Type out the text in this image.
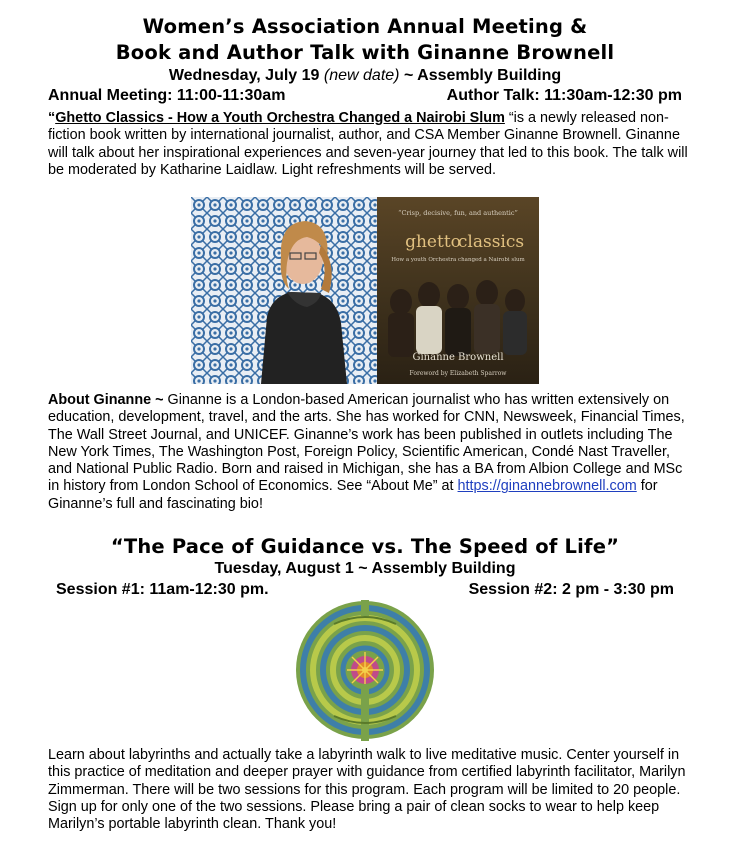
Women’s Association Annual Meeting &
Book and Author Talk with Ginanne Brownell
Wednesday, July 19 (new date) ~ Assembly Building
Annual Meeting: 11:00-11:30am	Author Talk: 11:30am-12:30 pm
“Ghetto Classics - How a Youth Orchestra Changed a Nairobi Slum “is a newly released non-fiction book written by international journalist, author, and CSA Member Ginanne Brownell. Ginanne will talk about her inspirational experiences and seven-year journey that led to this book. The talk will be moderated by Katharine Laidlaw. Light refreshments will be served.
“Crisp, decisive, fun, and authentic”
ghetto
classics
How a youth Orchestra changed a Nairobi slum
Ginanne Brownell
Foreword by Elizabeth Sparrow
About Ginanne ~ Ginanne is a London-based American journalist who has written extensively on education, development, travel, and the arts. She has worked for CNN, Newsweek, Financial Times, The Wall Street Journal, and UNICEF. Ginanne’s work has been published in outlets including The New York Times, The Washington Post, Foreign Policy, Scientific American, Condé Nast Traveller, and National Public Radio. Born and raised in Michigan, she has a BA from Albion College and MSc in history from London School of Economics. See “About Me” at https://ginannebrownell.com for Ginanne’s full and fascinating bio!
“The Pace of Guidance vs. The Speed of Life”
Tuesday, August 1 ~ Assembly Building
Session #1: 11am-12:30 pm.	Session #2: 2 pm - 3:30 pm
Learn about labyrinths and actually take a labyrinth walk to live meditative music. Center yourself in this practice of meditation and deeper prayer with guidance from certified labyrinth facilitator, Marilyn Zimmerman. There will be two sessions for this program. Each program will be limited to 20 people. Sign up for only one of the two sessions. Please bring a pair of clean socks to wear to help keep Marilyn’s portable labyrinth clean. Thank you!
